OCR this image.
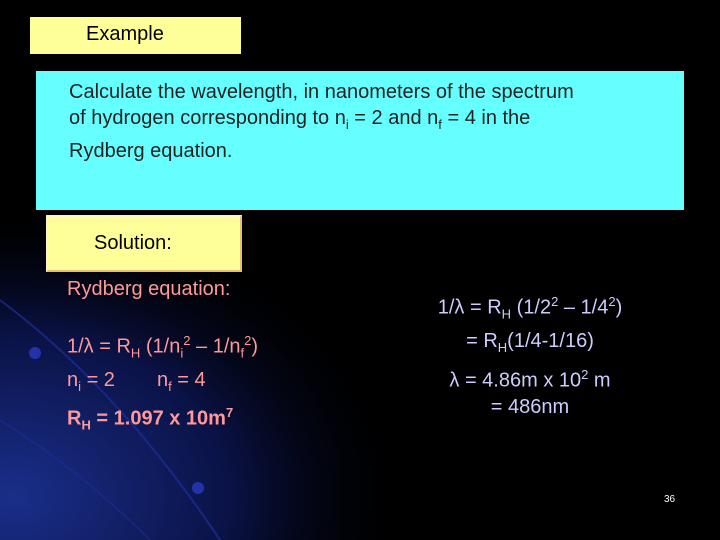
Example
Calculate the wavelength, in nanometers of the spectrum
of hydrogen corresponding to $n_i = 2$ and $n_f = 4$ in the
Rydberg equation.
Solution:
Rydberg equation:
$1/\lambda = R_H$ $(1/n_i^2 - 1/n_f^2)$
$n_i = 2$ $n_f = 4$
$R_H = 1.097$ x $10m^7$
$1/\lambda = R_H$ $(1/2^2 - 1/4^2)$
= $R_H(1/4-1/16)$
λ = 4.86m x $10^2$ m
= 486nm
36
